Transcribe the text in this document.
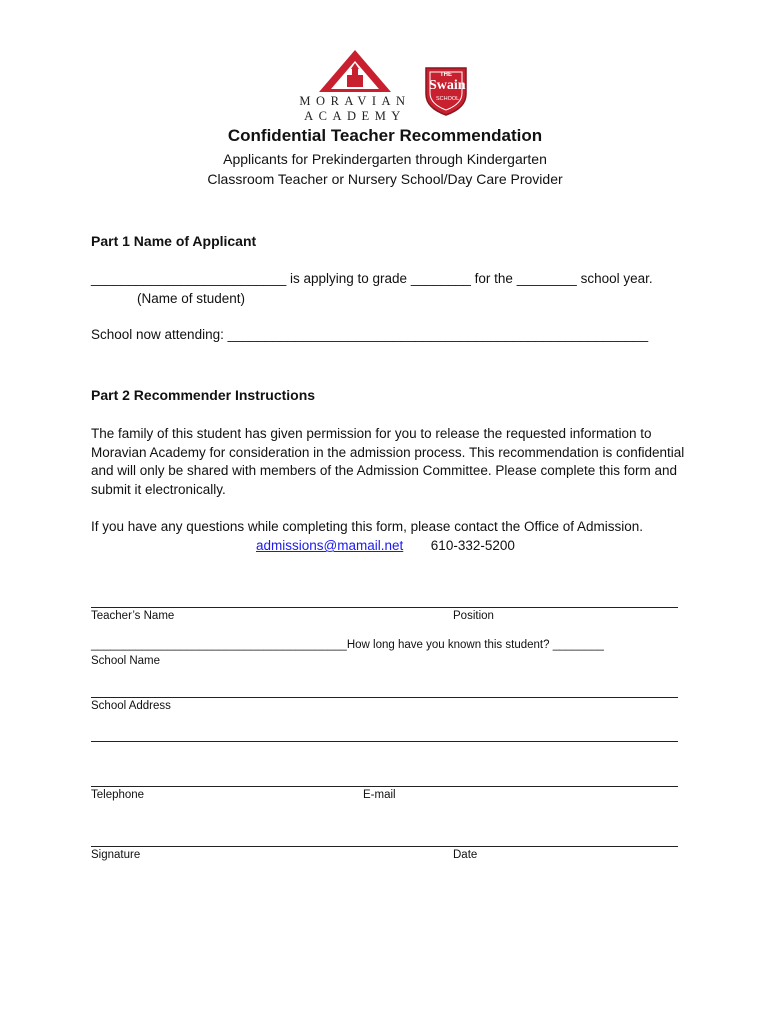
MORAVIAN
ACADEMY
THE
Swain
SCHOOL
Confidential Teacher Recommendation
Applicants for Prekindergarten through Kindergarten
Classroom Teacher or Nursery School/Day Care Provider
Part 1 Name of Applicant
__________________________ is applying to grade ________ for the ________ school year.
(Name of student)
School now attending: ________________________________________________________
Part 2 Recommender Instructions
The family of this student has given permission for you to release the requested information to Moravian Academy for consideration in the admission process. This recommendation is confidential and will only be shared with members of the Admission Committee. Please complete this form and submit it electronically.
If you have any questions while completing this form, please contact the Office of Admission.
admissions@mamail.net 610-332-5200
Teacher’s Name	Position
________________________________________How long have you known this student? ________
School Name
School Address
Telephone	E-mail
Signature	Date
